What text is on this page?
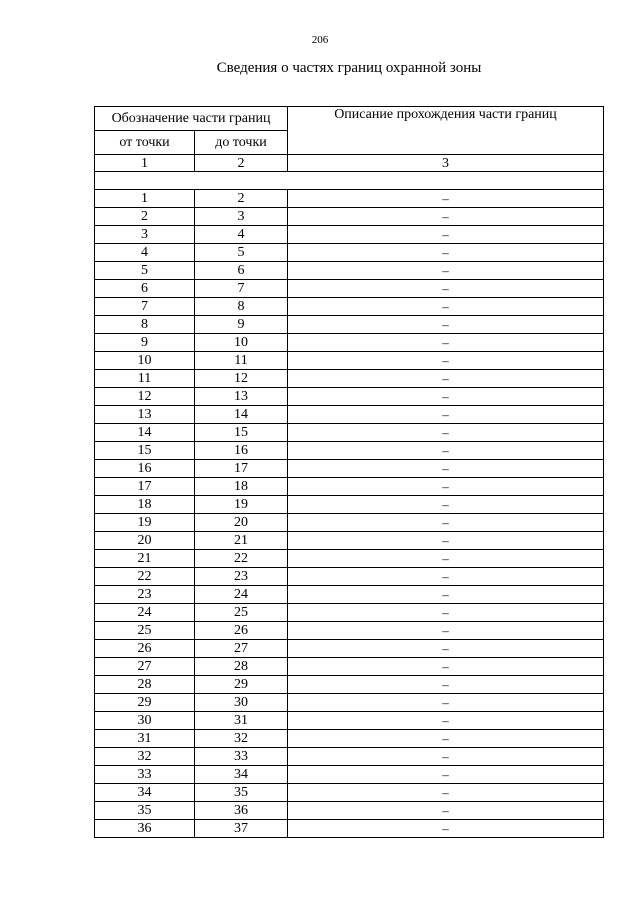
206
Сведения о частях границ охранной зоны
Обозначение части границ		Описание прохождения части границ
от точки	до точки	
1	2	3

1	2	–
2	3	–
3	4	–
4	5	–
5	6	–
6	7	–
7	8	–
8	9	–
9	10	–
10	11	–
11	12	–
12	13	–
13	14	–
14	15	–
15	16	–
16	17	–
17	18	–
18	19	–
19	20	–
20	21	–
21	22	–
22	23	–
23	24	–
24	25	–
25	26	–
26	27	–
27	28	–
28	29	–
29	30	–
30	31	–
31	32	–
32	33	–
33	34	–
34	35	–
35	36	–
36	37	–
